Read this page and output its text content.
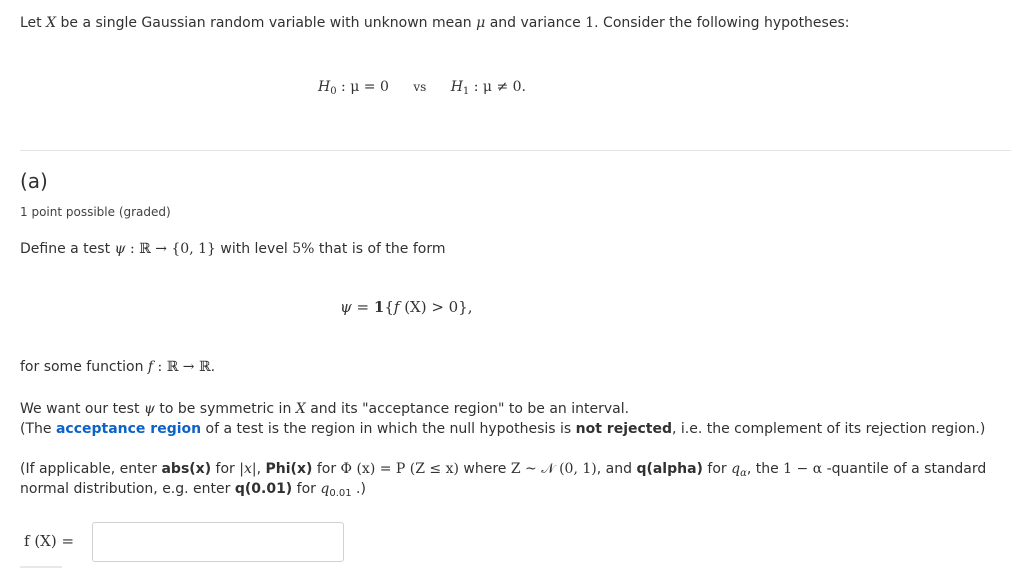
Let X be a single Gaussian random variable with unknown mean μ and variance 1. Consider the following hypotheses:
$H_0$ : μ = 0 vs $H_1$ : μ ≠ 0.
(a)
1 point possible (graded)
Define a test ψ : ℝ → {0, 1} with level 5% that is of the form
ψ = 1{f (X) > 0},
for some function f : ℝ → ℝ.
We want our test ψ to be symmetric in X and its "acceptance region" to be an interval.
(The acceptance region of a test is the region in which the null hypothesis is not rejected, i.e. the complement of its rejection region.)
(If applicable, enter abs(x) for |x|, Phi(x) for Φ (x) = P (Z ≤ x) where Z ~ 𝒩 (0, 1), and q(alpha) for $q_\alpha$, the 1 − α -quantile of a standard
normal distribution, e.g. enter q(0.01) for $q_{0.01}$ .)
f (X) =
